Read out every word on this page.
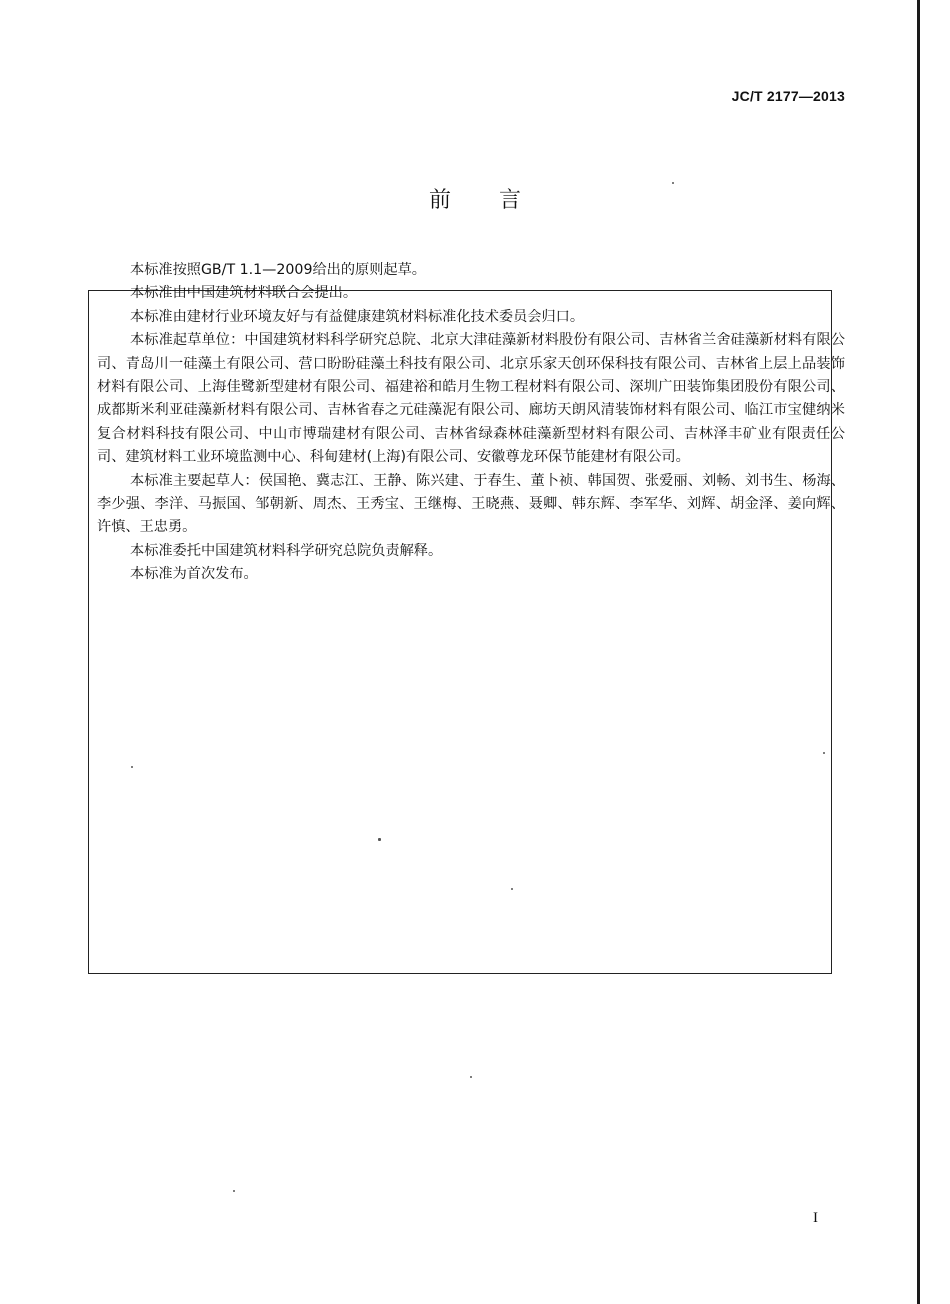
JC/T 2177—2013
前言

本标准按照GB/T 1.1—2009给出的原则起草。

本标准由中国建筑材料联合会提出。

本标准由建材行业环境友好与有益健康建筑材料标准化技术委员会归口。

本标准起草单位：中国建筑材料科学研究总院、北京大津硅藻新材料股份有限公司、吉林省兰舍硅藻新材料有限公司、青岛川一硅藻土有限公司、营口盼盼硅藻土科技有限公司、北京乐家天创环保科技有限公司、吉林省上层上品装饰材料有限公司、上海佳鹭新型建材有限公司、福建裕和皓月生物工程材料有限公司、深圳广田装饰集团股份有限公司、成都斯米利亚硅藻新材料有限公司、吉林省春之元硅藻泥有限公司、廊坊天朗风清装饰材料有限公司、临江市宝健纳米复合材料科技有限公司、中山市博瑞建材有限公司、吉林省绿森林硅藻新型材料有限公司、吉林泽丰矿业有限责任公司、建筑材料工业环境监测中心、科甸建材(上海)有限公司、安徽尊龙环保节能建材有限公司。

本标准主要起草人：侯国艳、冀志江、王静、陈兴建、于春生、董卜祯、韩国贺、张爱丽、刘畅、刘书生、杨海、李少强、李洋、马振国、邹朝新、周杰、王秀宝、王继梅、王晓燕、聂卿、韩东辉、李军华、刘辉、胡金泽、姜向辉、许慎、王忠勇。

本标准委托中国建筑材料科学研究总院负责解释。

本标准为首次发布。

I
